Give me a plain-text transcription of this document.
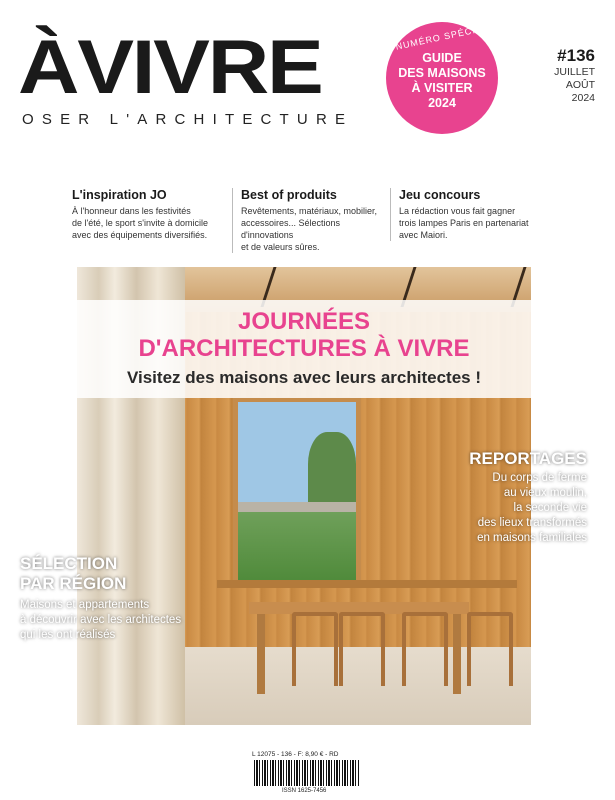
ÀVIVRE
OSER L'ARCHITECTURE
NUMÉRO SPÉCIAL
GUIDE
DES MAISONS
À VISITER
2024
#136
JUILLET
AOÛT
2024
L'inspiration JO
À l'honneur dans les festivités
de l'été, le sport s'invite à domicile
avec des équipements diversifiés.
Best of produits
Revêtements, matériaux, mobilier,
accessoires... Sélections d'innovations
et de valeurs sûres.
Jeu concours
La rédaction vous fait gagner
trois lampes Paris en partenariat
avec Maiori.
JOURNÉES
D'ARCHITECTURES À VIVRE
Visitez des maisons avec leurs architectes !
REPORTAGES
Du corps de ferme
au vieux moulin,
la seconde vie
des lieux transformés
en maisons familiales
SÉLECTION
PAR RÉGION
Maisons et appartements
à découvrir avec les architectes
qui les ont réalisés
L 12075 - 136 - F: 8,90 € - RD
ISSN 1625-7456
